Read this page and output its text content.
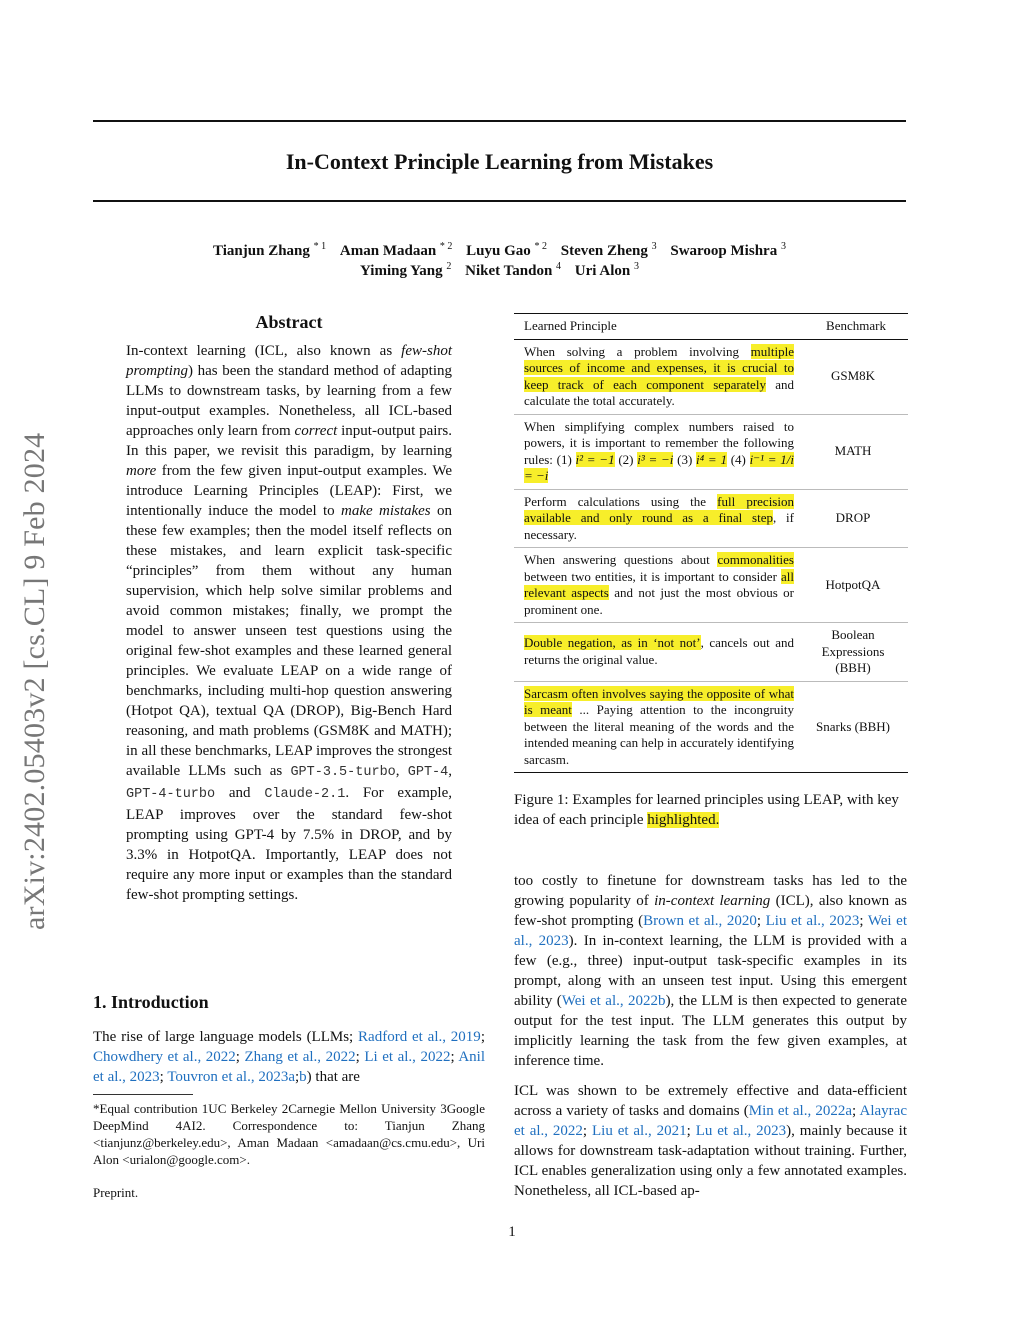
In-Context Principle Learning from Mistakes
Tianjun Zhang $^{* 1}$ Aman Madaan $^{* 2}$ Luyu Gao $^{* 2}$ Steven Zheng $^3$ Swaroop Mishra $^3$
Yiming Yang $^2$ Niket Tandon $^4$ Uri Alon $^3$
arXiv:2402.05403v2 [cs.CL] 9 Feb 2024
Abstract

In-context learning (ICL, also known as few-shot prompting) has been the standard method of adapting LLMs to downstream tasks, by learning from a few input-output examples. Nonetheless, all ICL-based approaches only learn from correct input-output pairs. In this paper, we revisit this paradigm, by learning more from the few given input-output examples. We introduce Learning Principles (LEAP): First, we intentionally induce the model to make mistakes on these few examples; then the model itself reflects on these mistakes, and learn explicit task-specific “principles” from them without any human supervision, which help solve similar problems and avoid common mistakes; finally, we prompt the model to answer unseen test questions using the original few-shot examples and these learned general principles. We evaluate LEAP on a wide range of benchmarks, including multi-hop question answering (Hotpot QA), textual QA (DROP), Big-Bench Hard reasoning, and math problems (GSM8K and MATH); in all these benchmarks, LEAP improves the strongest available LLMs such as GPT-3.5-turbo, GPT-4, GPT-4-turbo and Claude-2.1. For example, LEAP improves over the standard few-shot prompting using GPT-4 by 7.5% in DROP, and by 3.3% in HotpotQA. Importantly, LEAP does not require any more input or examples than the standard few-shot prompting settings.

1. Introduction

The rise of large language models (LLMs; Radford et al., 2019; Chowdhery et al., 2022; Zhang et al., 2022; Li et al., 2022; Anil et al., 2023; Touvron et al., 2023a;b) that are

*Equal contribution 1UC Berkeley 2Carnegie Mellon University 3Google DeepMind 4AI2. Correspondence to: Tianjun Zhang <tianjunz@berkeley.edu>, Aman Madaan <amadaan@cs.cmu.edu>, Uri Alon <urialon@google.com>.

Preprint.
Learned Principle	Benchmark
When solving a problem involving multiple sources of income and expenses, it is crucial to keep track of each component separately and calculate the total accurately.	GSM8K
When simplifying complex numbers raised to powers, it is important to remember the following rules: (1) i² = −1 (2) i³ = −i (3) i⁴ = 1 (4) i⁻¹ = 1/i = −i	MATH
Perform calculations using the full precision available and only round as a final step, if necessary.	DROP
When answering questions about commonalities between two entities, it is important to consider all relevant aspects and not just the most obvious or prominent one.	HotpotQA
Double negation, as in ‘not not’, cancels out and returns the original value.	Boolean Expressions (BBH)
Sarcasm often involves saying the opposite of what is meant ... Paying attention to the incongruity between the literal meaning of the words and the intended meaning can help in accurately identifying sarcasm.	Snarks (BBH)

Figure 1: Examples for learned principles using LEAP, with key idea of each principle highlighted.

too costly to finetune for downstream tasks has led to the growing popularity of in-context learning (ICL), also known as few-shot prompting (Brown et al., 2020; Liu et al., 2023; Wei et al., 2023). In in-context learning, the LLM is provided with a few (e.g., three) input-output task-specific examples in its prompt, along with an unseen test input. Using this emergent ability (Wei et al., 2022b), the LLM is then expected to generate output for the test input. The LLM generates this output by implicitly learning the task from the few given examples, at inference time.

ICL was shown to be extremely effective and data-efficient across a variety of tasks and domains (Min et al., 2022a; Alayrac et al., 2022; Liu et al., 2021; Lu et al., 2023), mainly because it allows for downstream task-adaptation without training. Further, ICL enables generalization using only a few annotated examples. Nonetheless, all ICL-based ap-

1
